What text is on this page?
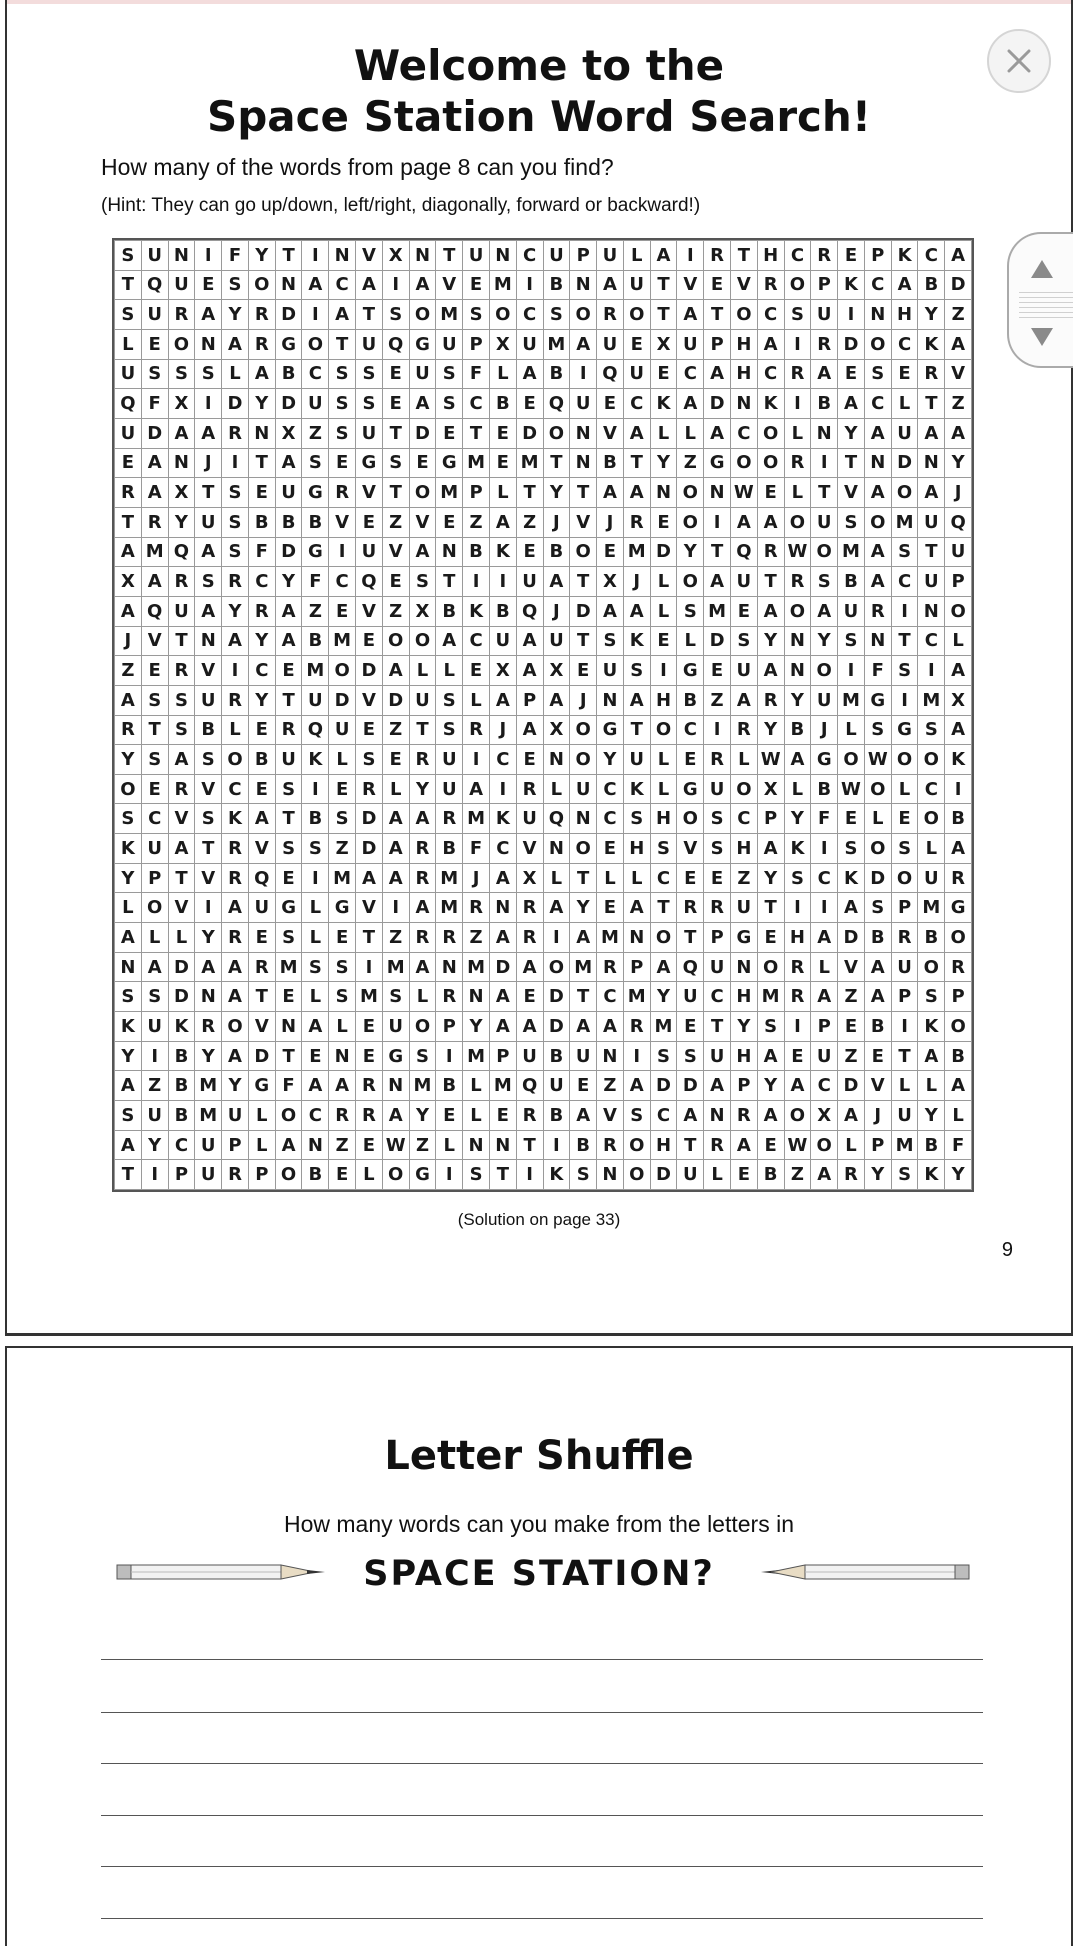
Welcome to the
Space Station Word Search!
How many of the words from page 8 can you find?
(Hint: They can go up/down, left/right, diagonally, forward or backward!)
S	U	N	I	F	Y	T	I	N	V	X	N	T	U	N	C	U	P	U	L	A	I	R	T	H	C	R	E	P	K	C	A
T	Q	U	E	S	O	N	A	C	A	I	A	V	E	M	I	B	N	A	U	T	V	E	V	R	O	P	K	C	A	B	D
S	U	R	A	Y	R	D	I	A	T	S	O	M	S	O	C	S	O	R	O	T	A	T	O	C	S	U	I	N	H	Y	Z
L	E	O	N	A	R	G	O	T	U	Q	G	U	P	X	U	M	A	U	E	X	U	P	H	A	I	R	D	O	C	K	A
U	S	S	S	L	A	B	C	S	S	E	U	S	F	L	A	B	I	Q	U	E	C	A	H	C	R	A	E	S	E	R	V
Q	F	X	I	D	Y	D	U	S	S	E	A	S	C	B	E	Q	U	E	C	K	A	D	N	K	I	B	A	C	L	T	Z
U	D	A	A	R	N	X	Z	S	U	T	D	E	T	E	D	O	N	V	A	L	L	A	C	O	L	N	Y	A	U	A	A
E	A	N	J	I	T	A	S	E	G	S	E	G	M	E	M	T	N	B	T	Y	Z	G	O	O	R	I	T	N	D	N	Y
R	A	X	T	S	E	U	G	R	V	T	O	M	P	L	T	Y	T	A	A	N	O	N	W	E	L	T	V	A	O	A	J
T	R	Y	U	S	B	B	B	V	E	Z	V	E	Z	A	Z	J	V	J	R	E	O	I	A	A	O	U	S	O	M	U	Q
A	M	Q	A	S	F	D	G	I	U	V	A	N	B	K	E	B	O	E	M	D	Y	T	Q	R	W	O	M	A	S	T	U
X	A	R	S	R	C	Y	F	C	Q	E	S	T	I	I	U	A	T	X	J	L	O	A	U	T	R	S	B	A	C	U	P
A	Q	U	A	Y	R	A	Z	E	V	Z	X	B	K	B	Q	J	D	A	A	L	S	M	E	A	O	A	U	R	I	N	O
J	V	T	N	A	Y	A	B	M	E	O	O	A	C	U	A	U	T	S	K	E	L	D	S	Y	N	Y	S	N	T	C	L
Z	E	R	V	I	C	E	M	O	D	A	L	L	E	X	A	X	E	U	S	I	G	E	U	A	N	O	I	F	S	I	A
A	S	S	U	R	Y	T	U	D	V	D	U	S	L	A	P	A	J	N	A	H	B	Z	A	R	Y	U	M	G	I	M	X
R	T	S	B	L	E	R	Q	U	E	Z	T	S	R	J	A	X	O	G	T	O	C	I	R	Y	B	J	L	S	G	S	A
Y	S	A	S	O	B	U	K	L	S	E	R	U	I	C	E	N	O	Y	U	L	E	R	L	W	A	G	O	W	O	O	K
O	E	R	V	C	E	S	I	E	R	L	Y	U	A	I	R	L	U	C	K	L	G	U	O	X	L	B	W	O	L	C	I
S	C	V	S	K	A	T	B	S	D	A	A	R	M	K	U	Q	N	C	S	H	O	S	C	P	Y	F	E	L	E	O	B
K	U	A	T	R	V	S	S	Z	D	A	R	B	F	C	V	N	O	E	H	S	V	S	H	A	K	I	S	O	S	L	A
Y	P	T	V	R	Q	E	I	M	A	A	R	M	J	A	X	L	T	L	L	C	E	E	Z	Y	S	C	K	D	O	U	R
L	O	V	I	A	U	G	L	G	V	I	A	M	R	N	R	A	Y	E	A	T	R	R	U	T	I	I	A	S	P	M	G
A	L	L	Y	R	E	S	L	E	T	Z	R	R	Z	A	R	I	A	M	N	O	T	P	G	E	H	A	D	B	R	B	O
N	A	D	A	A	R	M	S	S	I	M	A	N	M	D	A	O	M	R	P	A	Q	U	N	O	R	L	V	A	U	O	R
S	S	D	N	A	T	E	L	S	M	S	L	R	N	A	E	D	T	C	M	Y	U	C	H	M	R	A	Z	A	P	S	P
K	U	K	R	O	V	N	A	L	E	U	O	P	Y	A	A	D	A	A	R	M	E	T	Y	S	I	P	E	B	I	K	O
Y	I	B	Y	A	D	T	E	N	E	G	S	I	M	P	U	B	U	N	I	S	S	U	H	A	E	U	Z	E	T	A	B
A	Z	B	M	Y	G	F	A	A	R	N	M	B	L	M	Q	U	E	Z	A	D	D	A	P	Y	A	C	D	V	L	L	A
S	U	B	M	U	L	O	C	R	R	A	Y	E	L	E	R	B	A	V	S	C	A	N	R	A	O	X	A	J	U	Y	L
A	Y	C	U	P	L	A	N	Z	E	W	Z	L	N	N	T	I	B	R	O	H	T	R	A	E	W	O	L	P	M	B	F
T	I	P	U	R	P	O	B	E	L	O	G	I	S	T	I	K	S	N	O	D	U	L	E	B	Z	A	R	Y	S	K	Y
(Solution on page 33)
9
Letter Shuffle
How many words can you make from the letters in
SPACE STATION?
